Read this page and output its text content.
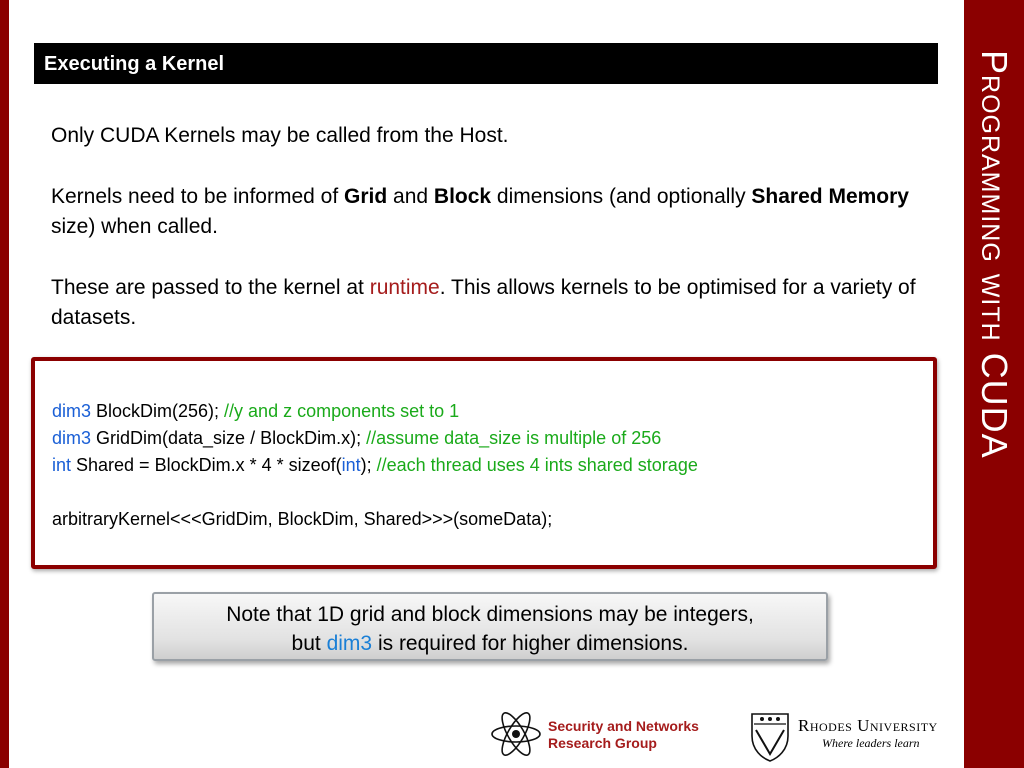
Programming with CUDA
Executing a Kernel

Only CUDA Kernels may be called from the Host.

Kernels need to be informed of Grid and Block dimensions (and optionally Shared Memory size) when called.

These are passed to the kernel at runtime. This allows kernels to be optimised for a variety of datasets.

dim3 BlockDim(256); //y and z components set to 1
dim3 GridDim(data_size / BlockDim.x); //assume data_size is multiple of 256
int Shared = BlockDim.x * 4 * sizeof(int); //each thread uses 4 ints shared storage
arbitraryKernel<<<GridDim, BlockDim, Shared>>>(someData);
Note that 1D grid and block dimensions may be integers,
but dim3 is required for higher dimensions.
Security and Networks
Research Group
Rhodes University
Where leaders learn
